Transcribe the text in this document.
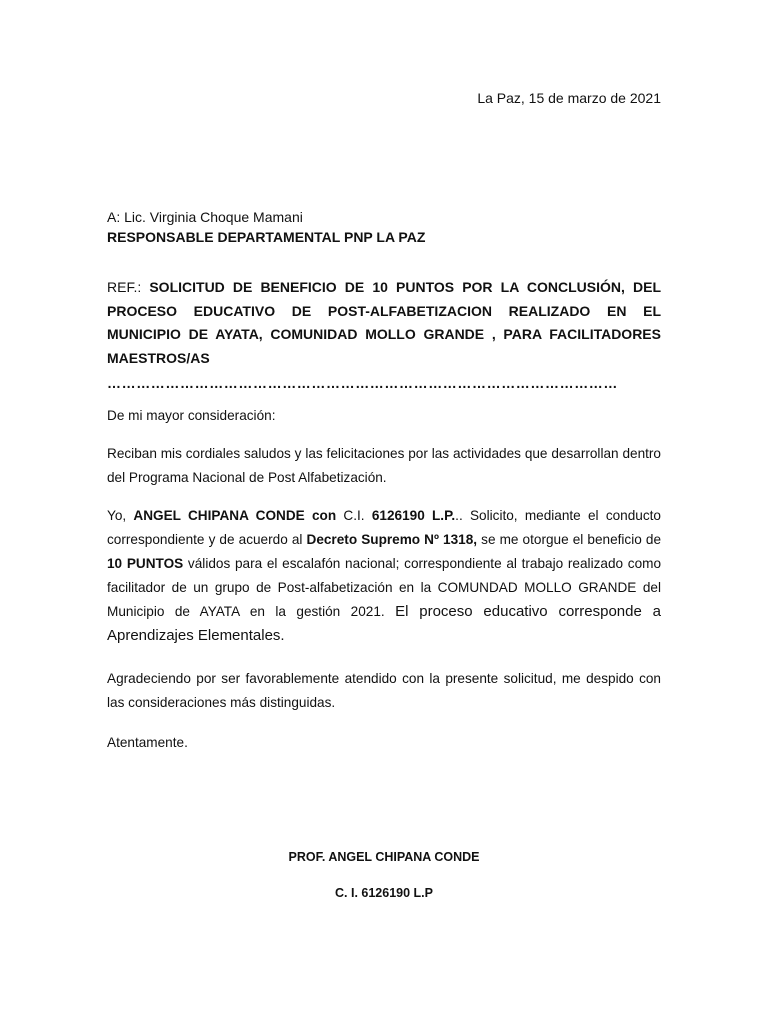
La Paz, 15 de marzo de 2021
A: Lic. Virginia Choque Mamani
RESPONSABLE DEPARTAMENTAL PNP LA PAZ
REF.: SOLICITUD DE BENEFICIO DE 10 PUNTOS POR LA CONCLUSIÓN, DEL PROCESO EDUCATIVO DE POST-ALFABETIZACION REALIZADO EN EL MUNICIPIO DE AYATA, COMUNIDAD MOLLO GRANDE , PARA FACILITADORES MAESTROS/AS
……………………………………………………………………………………………
De mi mayor consideración:
Reciban mis cordiales saludos y las felicitaciones por las actividades que desarrollan dentro del Programa Nacional de Post Alfabetización.
Yo, ANGEL CHIPANA CONDE con C.I. 6126190 L.P... Solicito, mediante el conducto correspondiente y de acuerdo al Decreto Supremo Nº 1318, se me otorgue el beneficio de 10 PUNTOS válidos para el escalafón nacional; correspondiente al trabajo realizado como facilitador de un grupo de Post-alfabetización en la COMUNDAD MOLLO GRANDE del Municipio de AYATA en la gestión 2021. El proceso educativo corresponde a Aprendizajes Elementales.
Agradeciendo por ser favorablemente atendido con la presente solicitud, me despido con las consideraciones más distinguidas.
Atentamente.
PROF. ANGEL CHIPANA CONDE
C. I. 6126190 L.P
